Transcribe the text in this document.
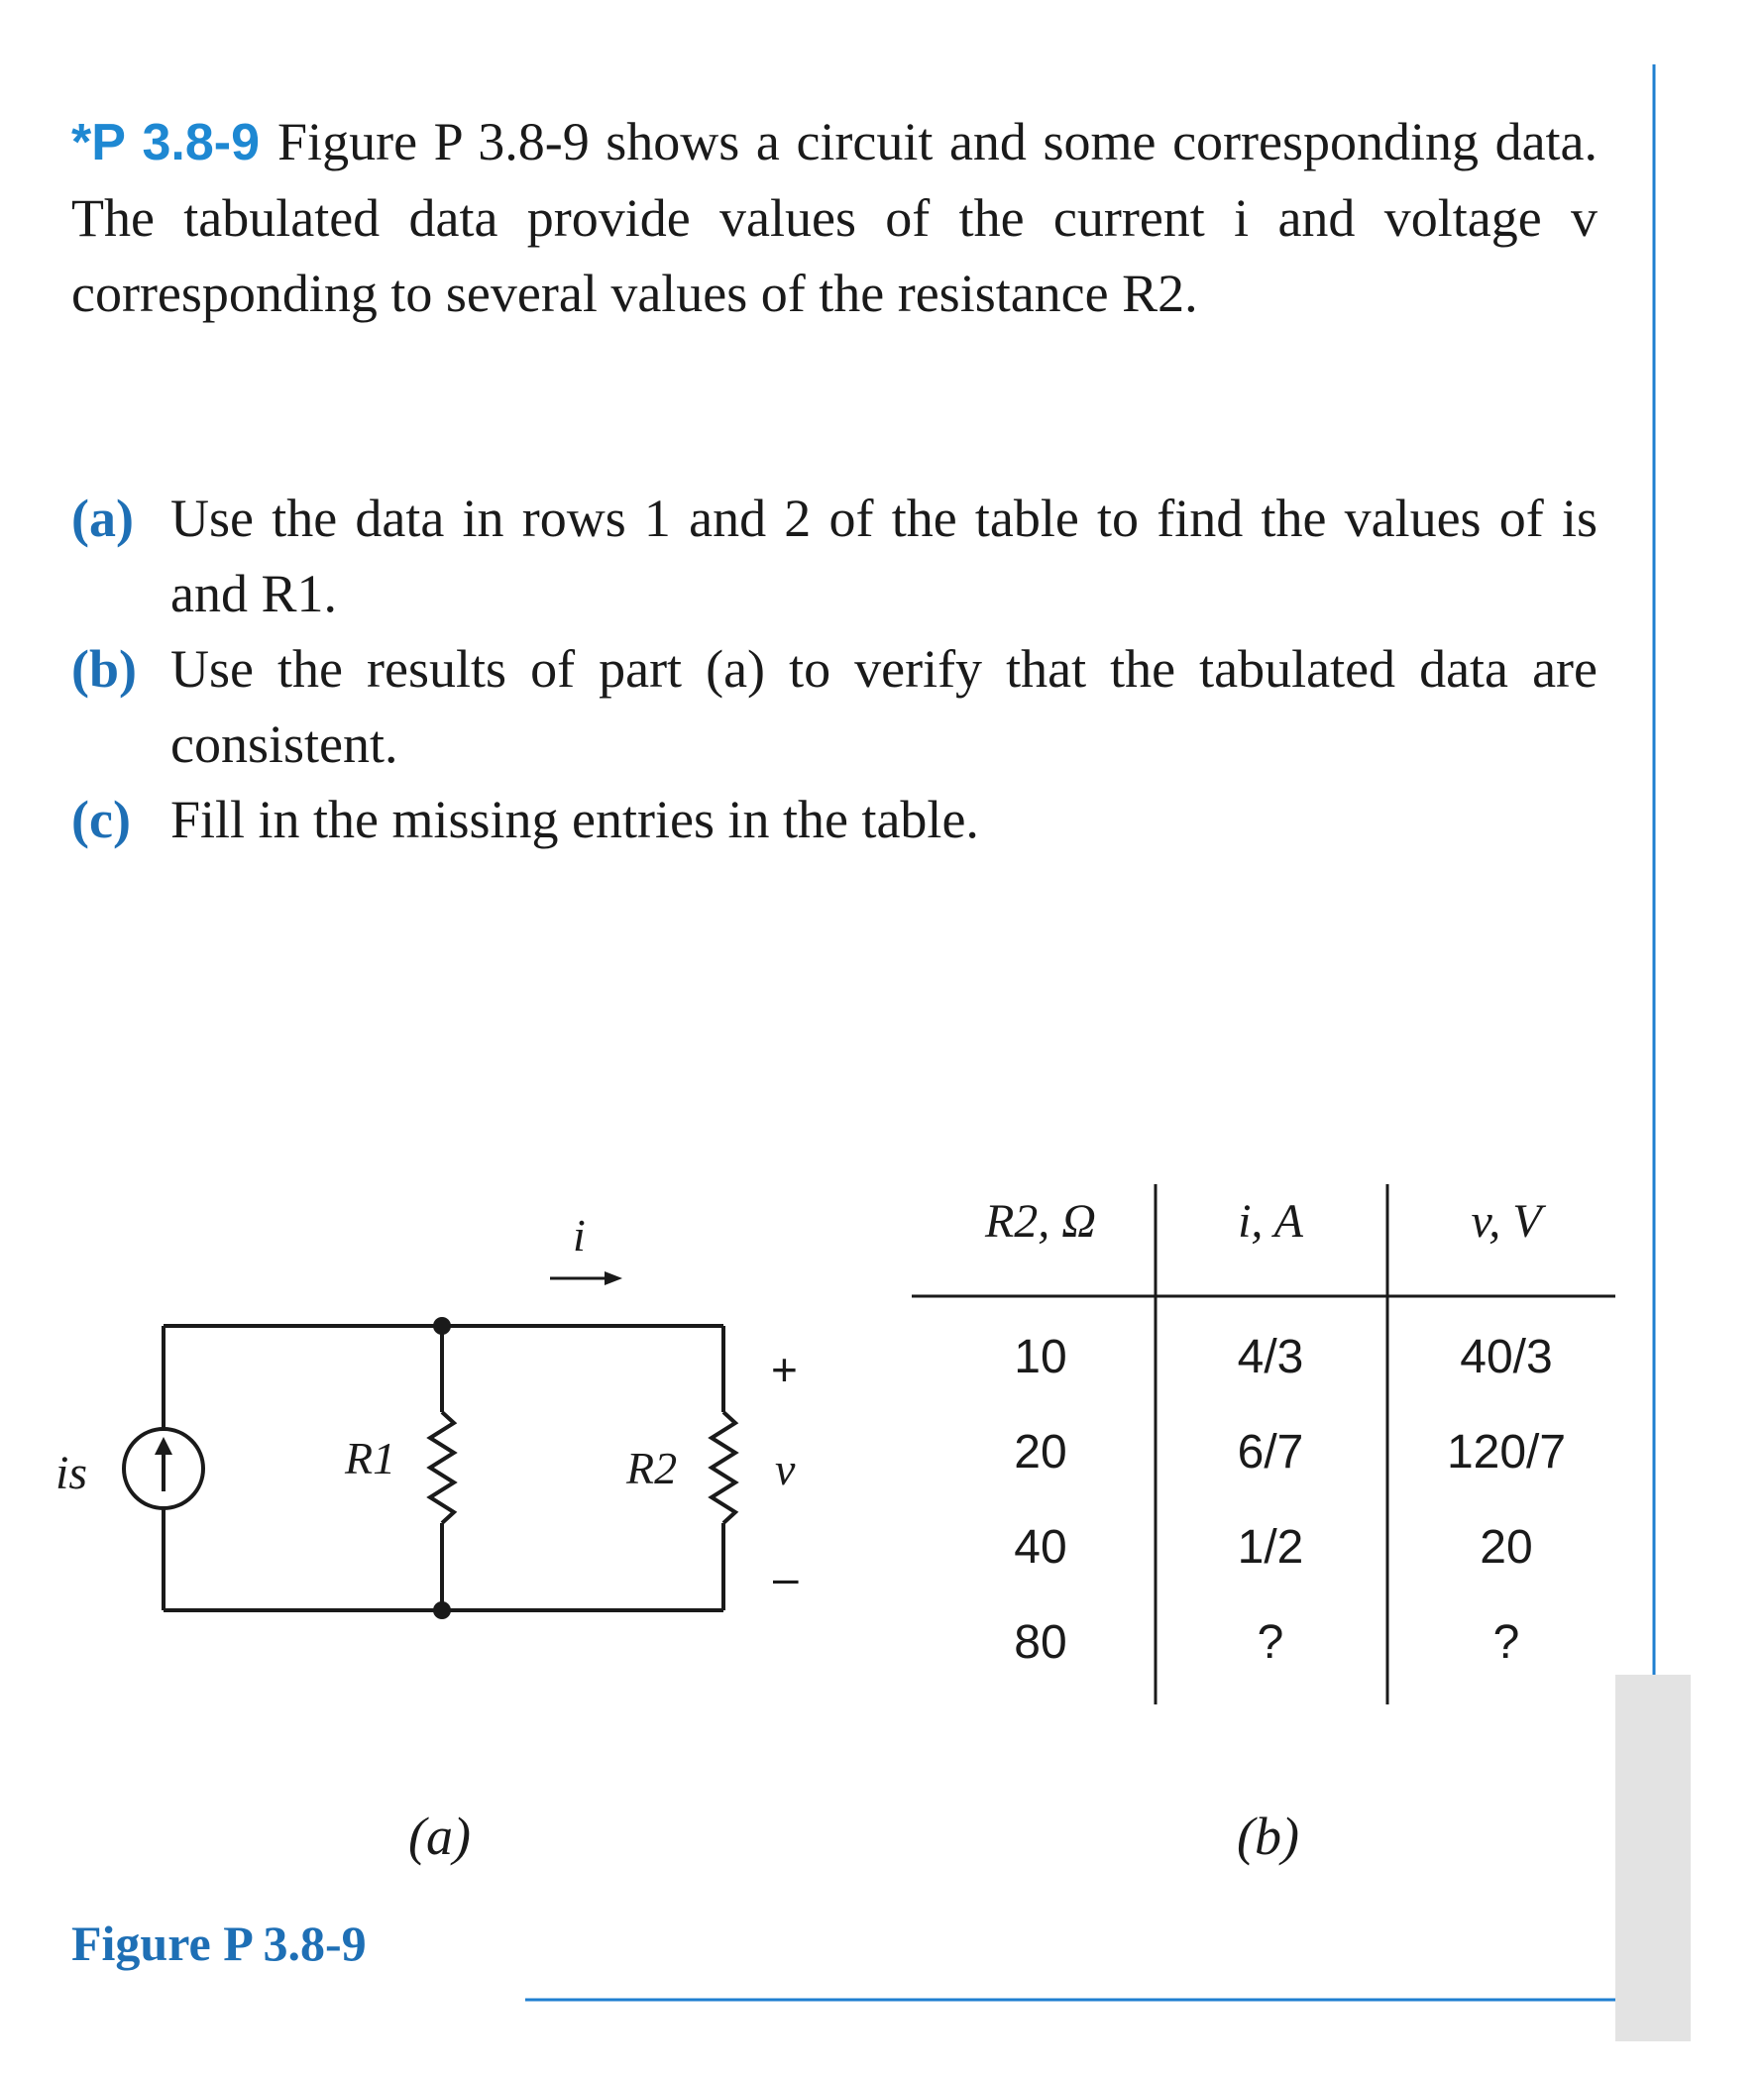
*P 3.8-9 Figure P 3.8-9 shows a circuit and some corresponding data. The tabulated data provide values of the current i and voltage v corresponding to several values of the resistance R2.

(a) Use the data in rows 1 and 2 of the table to find the values of is and R1.
(b) Use the results of part (a) to verify that the tabulated data are consistent.
(c) Fill in the missing entries in the table.
is	R1	R2
i
v
+
–
R2, Ω	i, A	v, V
10	4/3	40/3
20	6/7	120/7
40	1/2	20
80	?	?
(a)	(b)
Figure P 3.8-9
